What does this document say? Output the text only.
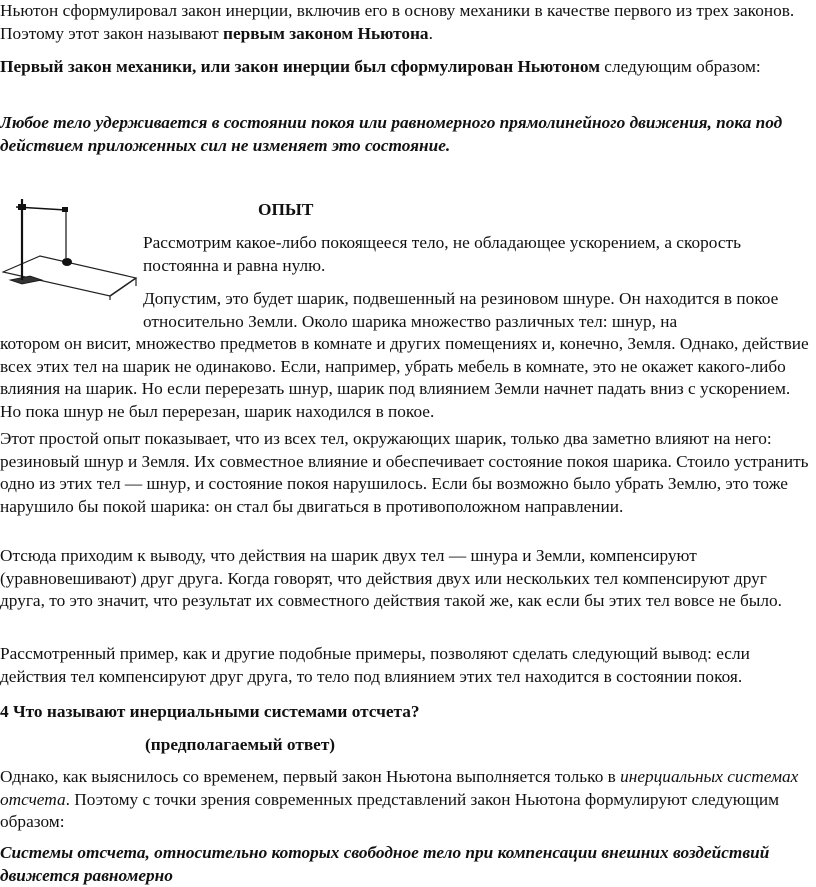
Ньютон сформулировал закон инерции, включив его в основу механики в качестве первого из трех законов. Поэтому этот закон называют первым законом Ньютона.

Первый закон механики, или закон инерции был сформулирован Ньютоном следующим образом:

Любое тело удерживается в состоянии покоя или равномерного прямолинейного движения, пока под действием приложенных сил не изменяет это состояние.

ОПЫТ

Рассмотрим какое-либо покоящееся тело, не обладающее ускорением, а скорость постоянна и равна нулю.

Допустим, это будет шарик, подвешенный на резиновом шнуре. Он находится в покое относительно Земли. Около шарика множество различных тел: шнур, на

котором он висит, множество предметов в комнате и других помещениях и, конечно, Земля. Однако, действие всех этих тел на шарик не одинаково. Если, например, убрать мебель в комнате, это не окажет какого-либо влияния на шарик. Но если перерезать шнур, шарик под влиянием Земли начнет падать вниз с ускорением. Но пока шнур не был перерезан, шарик находился в покое.

Этот простой опыт показывает, что из всех тел, окружающих шарик, только два заметно влияют на него: резиновый шнур и Земля. Их совместное влияние и обеспечивает состояние покоя шарика. Стоило устранить одно из этих тел — шнур, и состояние покоя нарушилось. Если бы возможно было убрать Землю, это тоже нарушило бы покой шарика: он стал бы двигаться в противоположном направлении.

Отсюда приходим к выводу, что действия на шарик двух тел — шнура и Земли, компенсируют (уравновешивают) друг друга. Когда говорят, что действия двух или нескольких тел компенсируют друг друга, то это значит, что результат их совместного действия такой же, как если бы этих тел вовсе не было.

Рассмотренный пример, как и другие подобные примеры, позволяют сделать следующий вывод: если действия тел компенсируют друг друга, то тело под влиянием этих тел находится в состоянии покоя.

4 Что называют инерциальными системами отсчета?

(предполагаемый ответ)

Однако, как выяснилось со временем, первый закон Ньютона выполняется только в инерциальных системах отсчета. Поэтому с точки зрения современных представлений закон Ньютона формулируют следующим образом:

Системы отсчета, относительно которых свободное тело при компенсации внешних воздействий движется равномерно
